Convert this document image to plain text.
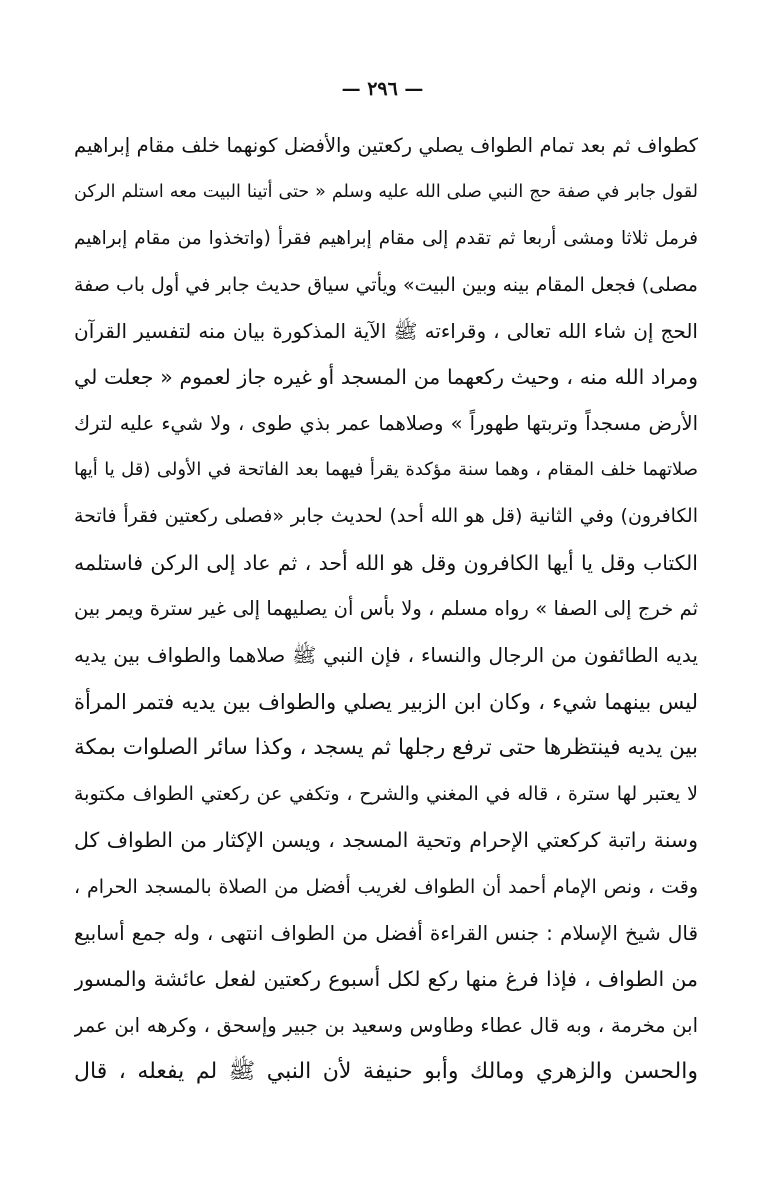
— ٢٩٦ —
كطواف ثم بعد تمام الطواف يصلي ركعتين والأفضل كونهما خلف مقام إبراهيم
لقول جابر في صفة حج النبي صلى الله عليه وسلم « حتى أتينا البيت معه استلم الركن
فرمل ثلاثا ومشى أربعا ثم تقدم إلى مقام إبراهيم فقرأ (واتخذوا من مقام إبراهيم
مصلى) فجعل المقام بينه وبين البيت» ويأتي سياق حديث جابر في أول باب صفة
الحج إن شاء الله تعالى ، وقراءته ﷺ الآية المذكورة بيان منه لتفسير القرآن
ومراد الله منه ، وحيث ركعهما من المسجد أو غيره جاز لعموم « جعلت لي
الأرض مسجداً وتربتها طهوراً » وصلاهما عمر بذي طوى ، ولا شيء عليه لترك
صلاتهما خلف المقام ، وهما سنة مؤكدة يقرأ فيهما بعد الفاتحة في الأولى (قل يا أيها
الكافرون) وفي الثانية (قل هو الله أحد) لحديث جابر «فصلى ركعتين فقرأ فاتحة
الكتاب وقل يا أيها الكافرون وقل هو الله أحد ، ثم عاد إلى الركن فاستلمه
ثم خرج إلى الصفا » رواه مسلم ، ولا بأس أن يصليهما إلى غير سترة ويمر بين
يديه الطائفون من الرجال والنساء ، فإن النبي ﷺ صلاهما والطواف بين يديه
ليس بينهما شيء ، وكان ابن الزبير يصلي والطواف بين يديه فتمر المرأة
بين يديه فينتظرها حتى ترفع رجلها ثم يسجد ، وكذا سائر الصلوات بمكة
لا يعتبر لها سترة ، قاله في المغني والشرح ، وتكفي عن ركعتي الطواف مكتوبة
وسنة راتبة كركعتي الإحرام وتحية المسجد ، ويسن الإكثار من الطواف كل
وقت ، ونص الإمام أحمد أن الطواف لغريب أفضل من الصلاة بالمسجد الحرام ،
قال شيخ الإسلام : جنس القراءة أفضل من الطواف انتهى ، وله جمع أسابيع
من الطواف ، فإذا فرغ منها ركع لكل أسبوع ركعتين لفعل عائشة والمسور
ابن مخرمة ، وبه قال عطاء وطاوس وسعيد بن جبير وإسحق ، وكرهه ابن عمر
والحسن والزهري ومالك وأبو حنيفة لأن النبي ﷺ لم يفعله ، قال
